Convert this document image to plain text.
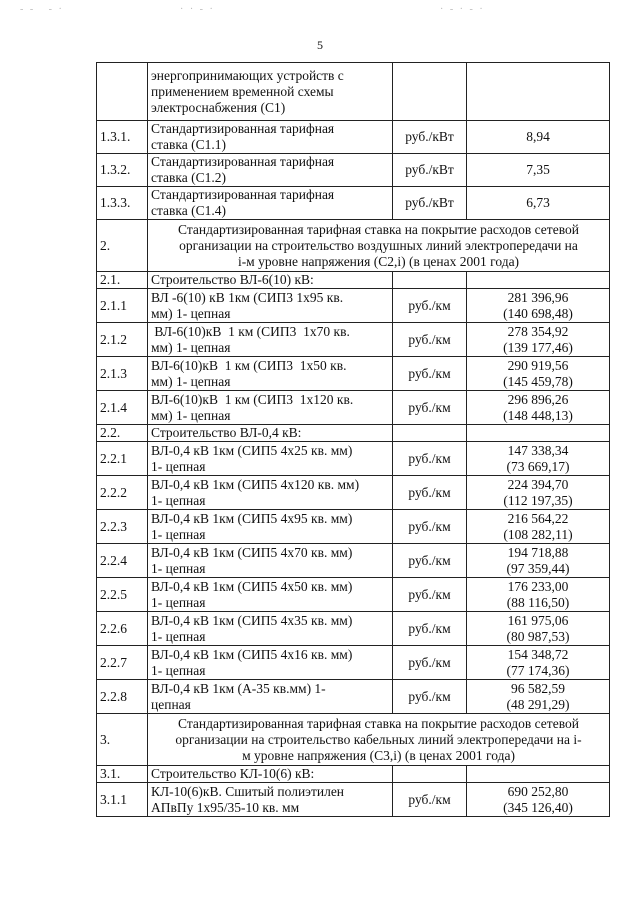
- -   - ·	· · - ·	· - · - ·
5

	энергопринимающих устройств с
применением временной схемы
электроснабжения (С1)		

1.3.1.	Стандартизированная тарифная
ставка (С1.1)	руб./кВт	8,94

1.3.2.	Стандартизированная тарифная
ставка (С1.2)	руб./кВт	7,35

1.3.3.	Стандартизированная тарифная
ставка (С1.4)	руб./кВт	6,73

2.	Стандартизированная тарифная ставка на покрытие расходов сетевой
организации на строительство воздушных линий электропередачи на
i-м уровне напряжения (С2,i) (в ценах 2001 года)		

2.1.	Строительство ВЛ-6(10) кВ:		

2.1.1	ВЛ -6(10) кВ 1км (СИП3 1х95 кв.
мм) 1- цепная	руб./км	281 396,96
(140 698,48)

2.1.2	ВЛ-6(10)кВ  1 км (СИП3  1х70 кв.
мм) 1- цепная	руб./км	278 354,92
(139 177,46)

2.1.3	ВЛ-6(10)кВ  1 км (СИП3  1х50 кв.
мм) 1- цепная	руб./км	290 919,56
(145 459,78)

2.1.4	ВЛ-6(10)кВ  1 км (СИП3  1х120 кв.
мм) 1- цепная	руб./км	296 896,26
(148 448,13)

2.2.	Строительство ВЛ-0,4 кВ:		

2.2.1	ВЛ-0,4 кВ 1км (СИП5 4х25 кв. мм)
1- цепная	руб./км	147 338,34
(73 669,17)

2.2.2	ВЛ-0,4 кВ 1км (СИП5 4х120 кв. мм)
1- цепная	руб./км	224 394,70
(112 197,35)

2.2.3	ВЛ-0,4 кВ 1км (СИП5 4х95 кв. мм)
1- цепная	руб./км	216 564,22
(108 282,11)

2.2.4	ВЛ-0,4 кВ 1км (СИП5 4х70 кв. мм)
1- цепная	руб./км	194 718,88
(97 359,44)

2.2.5	ВЛ-0,4 кВ 1км (СИП5 4х50 кв. мм)
1- цепная	руб./км	176 233,00
(88 116,50)

2.2.6	ВЛ-0,4 кВ 1км (СИП5 4х35 кв. мм)
1- цепная	руб./км	161 975,06
(80 987,53)

2.2.7	ВЛ-0,4 кВ 1км (СИП5 4х16 кв. мм)
1- цепная	руб./км	154 348,72
(77 174,36)

2.2.8	ВЛ-0,4 кВ 1км (А-35 кв.мм) 1-
цепная	руб./км	96 582,59
(48 291,29)

3.	Стандартизированная тарифная ставка на покрытие расходов сетевой
организации на строительство кабельных линий электропередачи на i-
м уровне напряжения (С3,i) (в ценах 2001 года)		

3.1.	Строительство КЛ-10(6) кВ:		

3.1.1	КЛ-10(6)кВ. Сшитый полиэтилен
АПвПу 1х95/35-10 кв. мм	руб./км	690 252,80
(345 126,40)
